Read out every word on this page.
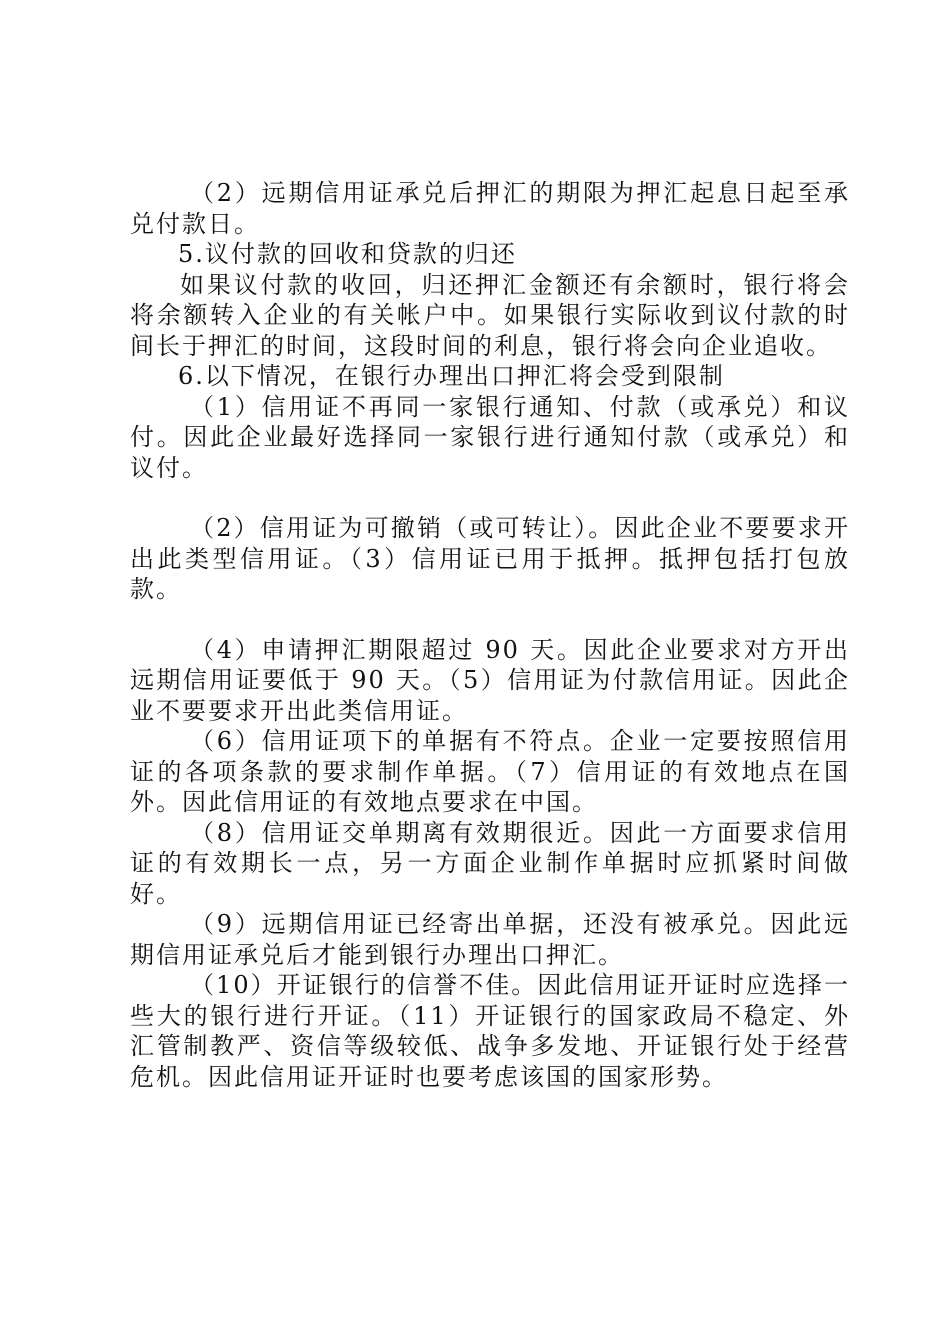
（2）远期信用证承兑后押汇的期限为押汇起息日起至承兑付款日。

5.议付款的回收和贷款的归还

如果议付款的收回，归还押汇金额还有余额时，银行将会将余额转入企业的有关帐户中。如果银行实际收到议付款的时间长于押汇的时间，这段时间的利息，银行将会向企业追收。

6.以下情况，在银行办理出口押汇将会受到限制

（1）信用证不再同一家银行通知、付款（或承兑）和议付。因此企业最好选择同一家银行进行通知付款（或承兑）和议付。

（2）信用证为可撤销（或可转让）。因此企业不要要求开出此类型信用证。（3）信用证已用于抵押。抵押包括打包放款。

（4）申请押汇期限超过 90 天。因此企业要求对方开出远期信用证要低于 90 天。（5）信用证为付款信用证。因此企业不要要求开出此类信用证。

（6）信用证项下的单据有不符点。企业一定要按照信用证的各项条款的要求制作单据。（7）信用证的有效地点在国外。因此信用证的有效地点要求在中国。

（8）信用证交单期离有效期很近。因此一方面要求信用证的有效期长一点，另一方面企业制作单据时应抓紧时间做好。

（9）远期信用证已经寄出单据，还没有被承兑。因此远期信用证承兑后才能到银行办理出口押汇。

（10）开证银行的信誉不佳。因此信用证开证时应选择一些大的银行进行开证。（11）开证银行的国家政局不稳定、外汇管制教严、资信等级较低、战争多发地、开证银行处于经营危机。因此信用证开证时也要考虑该国的国家形势。
